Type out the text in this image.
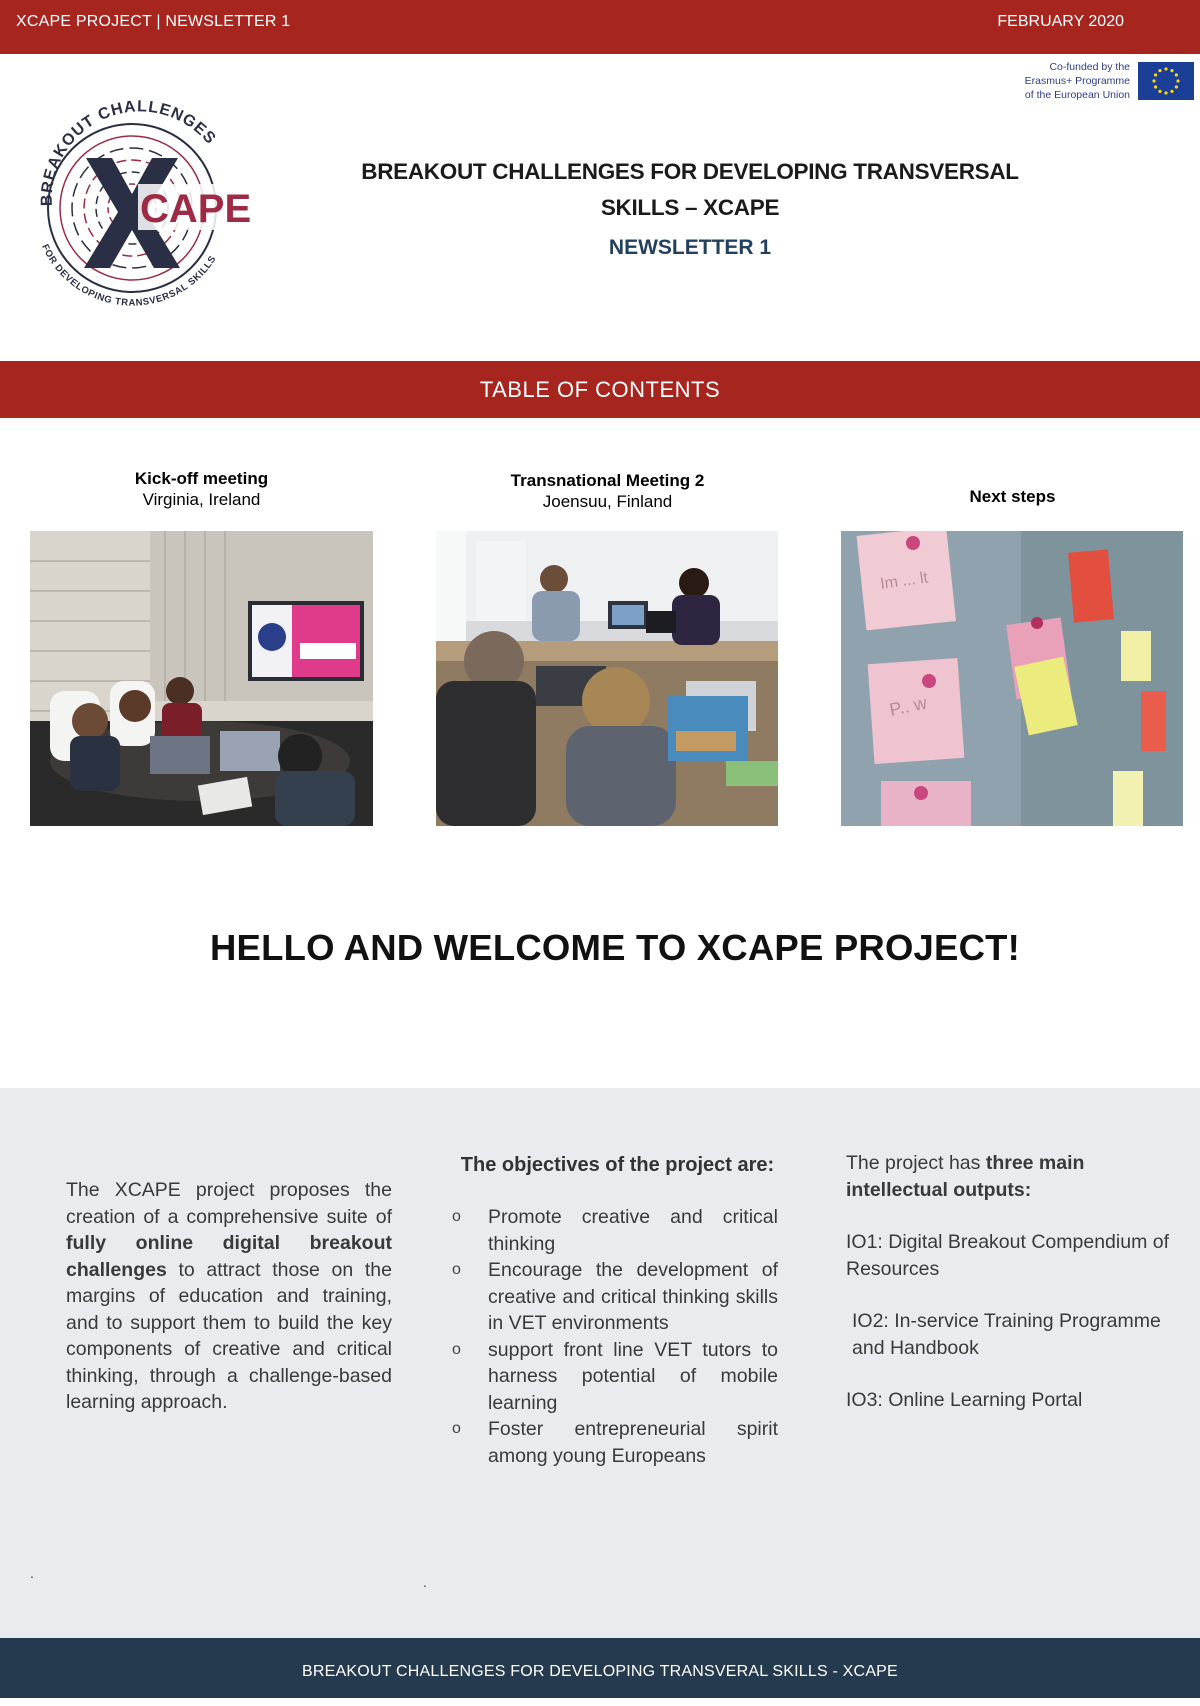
XCAPE PROJECT | NEWSLETTER 1	FEBRUARY 2020
Co-funded by the
Erasmus+ Programme
of the European Union
BREAKOUT CHALLENGES
FOR DEVELOPING TRANSVERSAL SKILLS
CAPE
BREAKOUT CHALLENGES FOR DEVELOPING TRANSVERSAL
SKILLS – XCAPE
NEWSLETTER 1
TABLE OF CONTENTS
Kick-off meeting
Virginia, Ireland
Transnational Meeting 2
Joensuu, Finland	Next steps
Im ... lt
P.. w
HELLO AND WELCOME TO XCAPE PROJECT!
The XCAPE project proposes the creation of a comprehensive suite of fully online digital breakout challenges to attract those on the margins of education and training, and to support them to build the key components of creative and critical thinking, through a challenge-based learning approach.
The objectives of the project are:
o Promote creative and critical thinking
o Encourage the development of creative and critical thinking skills in VET environments
o support front line VET tutors to harness potential of mobile learning
o Foster entrepreneurial spirit among young Europeans

The project has three main intellectual outputs:

IO1: Digital Breakout Compendium of Resources

IO2: In-service Training Programme and Handbook

IO3: Online Learning Portal

.
.
BREAKOUT CHALLENGES FOR DEVELOPING TRANSVERAL SKILLS - XCAPE
